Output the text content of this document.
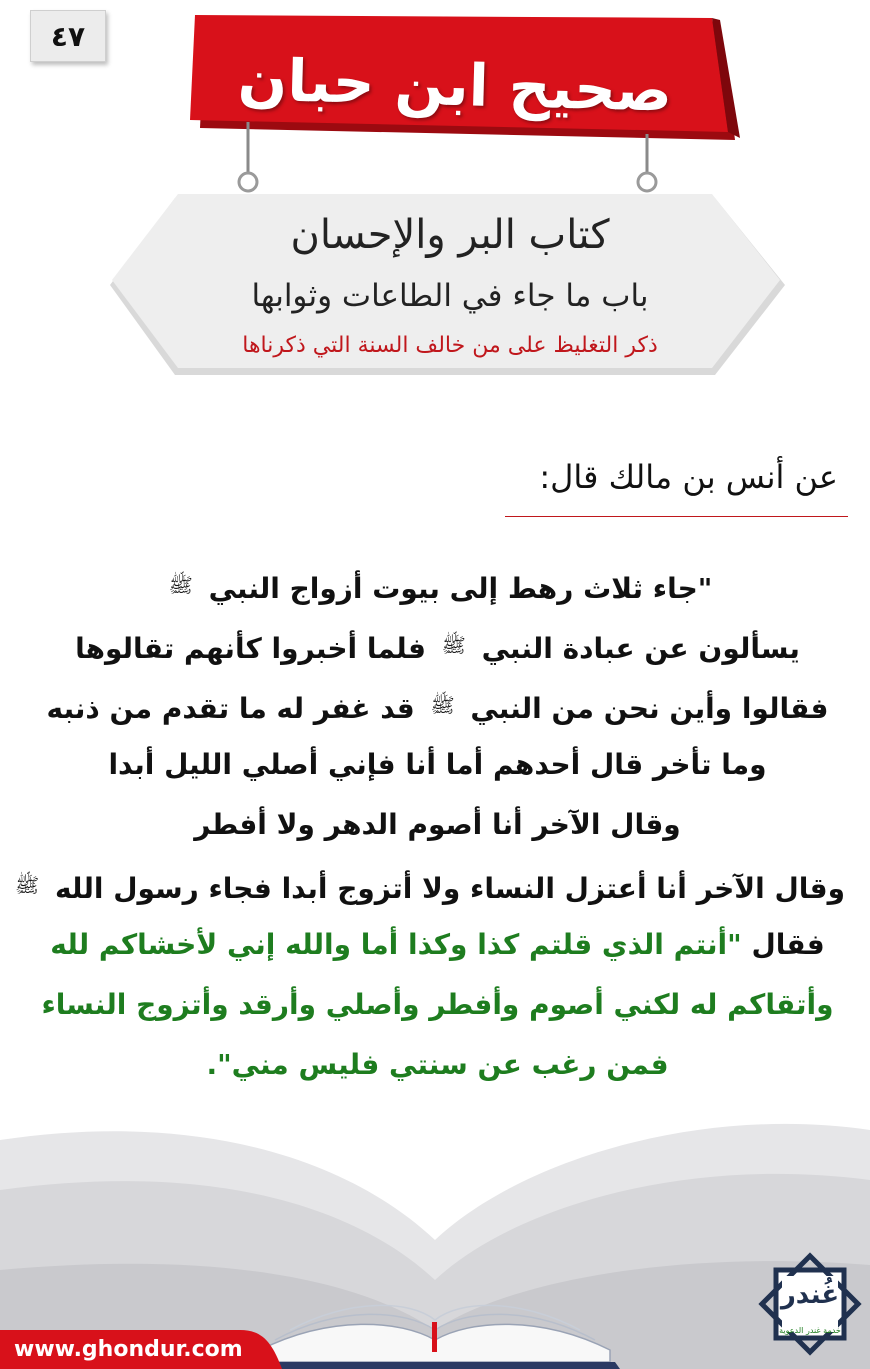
٤٧
صحيح ابن حبان
كتاب البر والإحسان
باب ما جاء في الطاعات وثوابها
ذكر التغليظ على من خالف السنة التي ذكرناها
عن أنس بن مالك قال:
"جاء ثلاث رهط إلى بيوت أزواج النبي ﷺ
يسألون عن عبادة النبي ﷺ فلما أخبروا كأنهم تقالوها
فقالوا وأين نحن من النبي ﷺ قد غفر له ما تقدم من ذنبه
وما تأخر قال أحدهم أما أنا فإني أصلي الليل أبدا
وقال الآخر أنا أصوم الدهر ولا أفطر
وقال الآخر أنا أعتزل النساء ولا أتزوج أبدا فجاء رسول الله ﷺ
فقال "أنتم الذي قلتم كذا وكذا أما والله إني لأخشاكم لله
وأتقاكم له لكني أصوم وأفطر وأصلي وأرقد وأتزوج النساء
فمن رغب عن سنتي فليس مني".
www.ghondur.com
غُندر
خدمة غندر الدعوية
